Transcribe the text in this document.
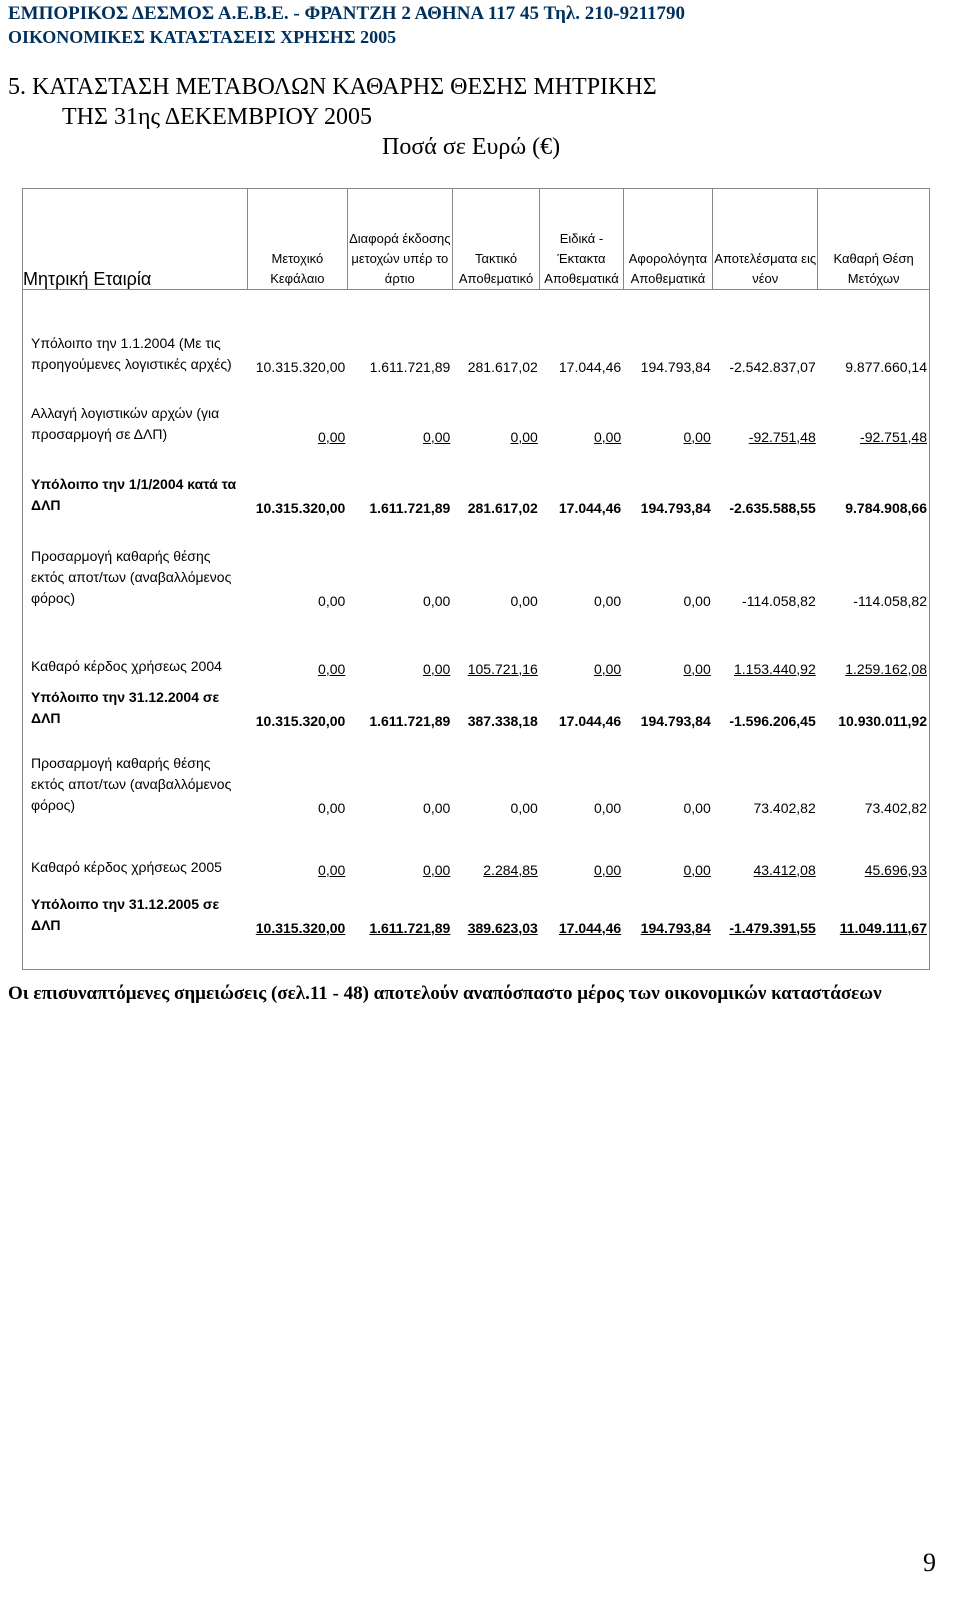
ΕΜΠΟΡΙΚΟΣ ΔΕΣΜΟΣ Α.Ε.Β.Ε. - ΦΡΑΝΤΖΗ 2 ΑΘΗΝΑ 117 45 Τηλ. 210-9211790
ΟΙΚΟΝΟΜΙΚΕΣ ΚΑΤΑΣΤΑΣΕΙΣ ΧΡΗΣΗΣ 2005
5. ΚΑΤΑΣΤΑΣΗ ΜΕΤΑΒΟΛΩΝ ΚΑΘΑΡΗΣ ΘΕΣΗΣ ΜΗΤΡΙΚΗΣ
ΤΗΣ 31ης ΔΕΚΕΜΒΡΙΟΥ 2005
Ποσά σε Ευρώ (€)
Μητρική Εταιρία	Μετοχικό Κεφάλαιο	Διαφορά έκδοσης μετοχών υπέρ το άρτιο	Τακτικό Αποθεματικό	Ειδικά - Έκτακτα Αποθεματικά	Αφορολόγητα Αποθεματικά	Αποτελέσματα εις νέον	Καθαρή Θέση Μετόχων
Υπόλοιπο την 1.1.2004 (Με τις προηγούμενες λογιστικές αρχές)	10.315.320,00	1.611.721,89	281.617,02	17.044,46	194.793,84	-2.542.837,07	9.877.660,14
Αλλαγή λογιστικών αρχών (για προσαρμογή σε ΔΛΠ)	0,00	0,00	0,00	0,00	0,00	-92.751,48	-92.751,48
Υπόλοιπο την 1/1/2004 κατά τα ΔΛΠ	10.315.320,00	1.611.721,89	281.617,02	17.044,46	194.793,84	-2.635.588,55	9.784.908,66
Προσαρμογή καθαρής θέσης εκτός αποτ/των (αναβαλλόμενος φόρος)	0,00	0,00	0,00	0,00	0,00	-114.058,82	-114.058,82
Καθαρό κέρδος χρήσεως 2004	0,00	0,00	105.721,16	0,00	0,00	1.153.440,92	1.259.162,08
Υπόλοιπο την 31.12.2004 σε ΔΛΠ	10.315.320,00	1.611.721,89	387.338,18	17.044,46	194.793,84	-1.596.206,45	10.930.011,92
Προσαρμογή καθαρής θέσης εκτός αποτ/των (αναβαλλόμενος φόρος)	0,00	0,00	0,00	0,00	0,00	73.402,82	73.402,82
Καθαρό κέρδος χρήσεως 2005	0,00	0,00	2.284,85	0,00	0,00	43.412,08	45.696,93
Υπόλοιπο την 31.12.2005 σε ΔΛΠ	10.315.320,00	1.611.721,89	389.623,03	17.044,46	194.793,84	-1.479.391,55	11.049.111,67
Οι επισυναπτόμενες σημειώσεις (σελ.11 - 48) αποτελούν αναπόσπαστο μέρος των οικονομικών καταστάσεων
9
